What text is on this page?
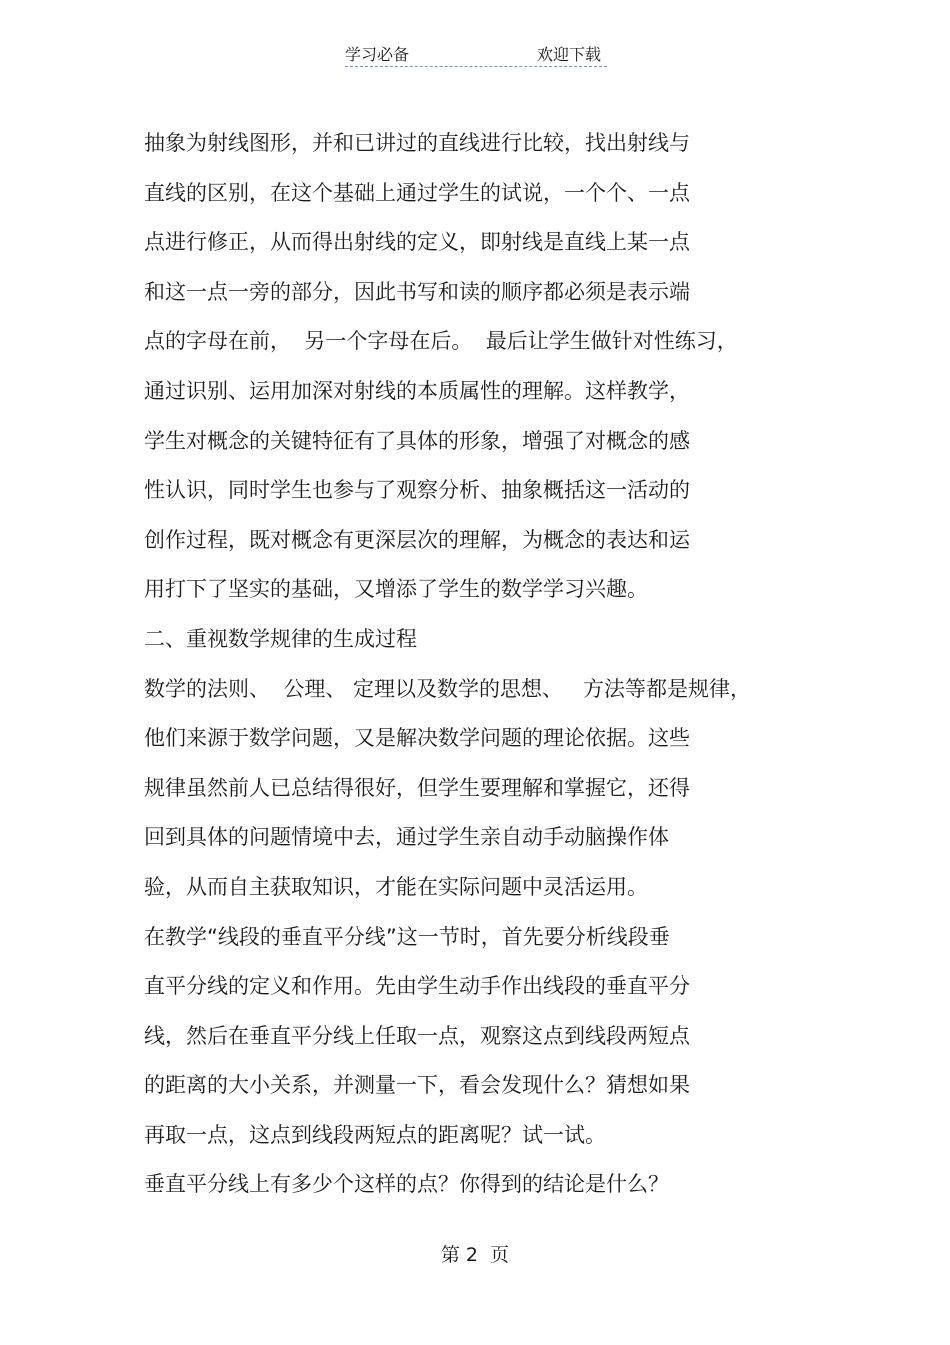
学习必备	欢迎下载
抽象为射线图形，并和已讲过的直线进行比较，找出射线与
直线的区别，在这个基础上通过学生的试说，一个个、一点
点进行修正，从而得出射线的定义，即射线是直线上某一点
和这一点一旁的部分，因此书写和读的顺序都必须是表示端
点的字母在前，  另一个字母在后。  最后让学生做针对性练习，
通过识别、运用加深对射线的本质属性的理解。这样教学，
学生对概念的关键特征有了具体的形象，增强了对概念的感
性认识，同时学生也参与了观察分析、抽象概括这一活动的
创作过程，既对概念有更深层次的理解，为概念的表达和运
用打下了坚实的基础，又增添了学生的数学学习兴趣。
二、重视数学规律的生成过程
数学的法则、  公理、 定理以及数学的思想、   方法等都是规律，
他们来源于数学问题，又是解决数学问题的理论依据。这些
规律虽然前人已总结得很好，但学生要理解和掌握它，还得
回到具体的问题情境中去，通过学生亲自动手动脑操作体
验，从而自主获取知识，才能在实际问题中灵活运用。
在教学“线段的垂直平分线”这一节时，首先要分析线段垂
直平分线的定义和作用。先由学生动手作出线段的垂直平分
线，然后在垂直平分线上任取一点，观察这点到线段两短点
的距离的大小关系，并测量一下，看会发现什么？猜想如果
再取一点，这点到线段两短点的距离呢？试一试。
垂直平分线上有多少个这样的点？你得到的结论是什么？
第 2  页
